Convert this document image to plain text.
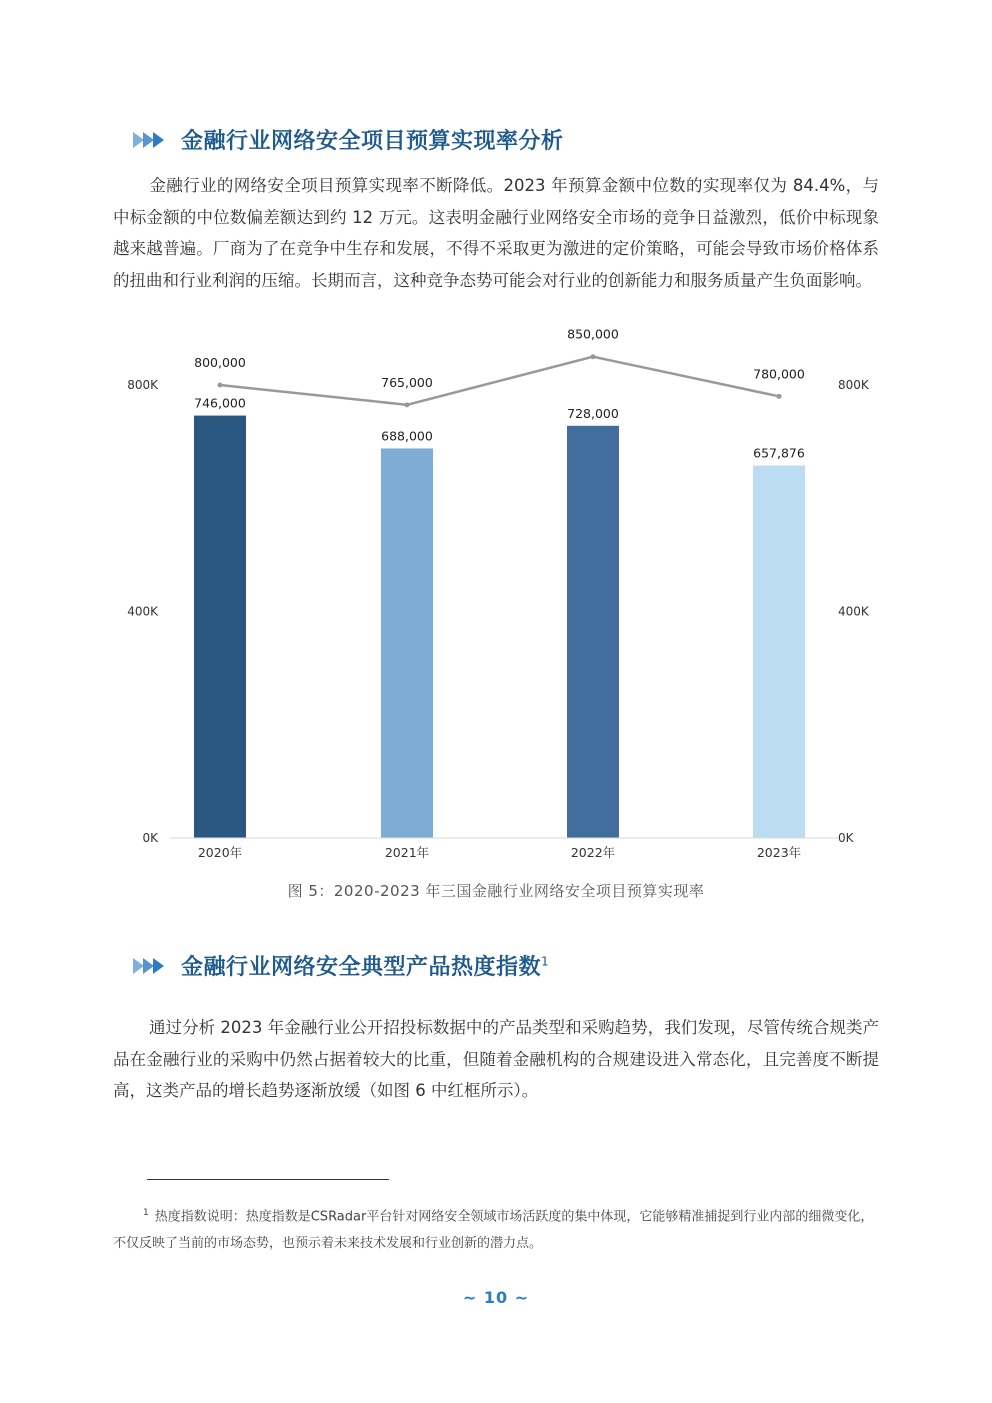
金融行业网络安全项目预算实现率分析

金融行业的网络安全项目预算实现率不断降低。2023 年预算金额中位数的实现率仅为 84.4%，与中标金额的中位数偏差额达到约 12 万元。这表明金融行业网络安全市场的竞争日益激烈，低价中标现象越来越普遍。厂商为了在竞争中生存和发展，不得不采取更为激进的定价策略，可能会导致市场价格体系的扭曲和行业利润的压缩。长期而言，这种竞争态势可能会对行业的创新能力和服务质量产生负面影响。

746,000
688,000
728,000
657,876
800,000
765,000
850,000
780,000
2020年	2021年	2022年	2023年
800K	800K
400K	400K
0K	0K
图 5：2020-2023 年三国金融行业网络安全项目预算实现率
金融行业网络安全典型产品热度指数$^1$

通过分析 2023 年金融行业公开招投标数据中的产品类型和采购趋势，我们发现，尽管传统合规类产品在金融行业的采购中仍然占据着较大的比重，但随着金融机构的合规建设进入常态化，且完善度不断提高，这类产品的增长趋势逐渐放缓（如图 6 中红框所示）。

$^1$ 热度指数说明：热度指数是CSRadar平台针对网络安全领域市场活跃度的集中体现，它能够精准捕捉到行业内部的细微变化，不仅反映了当前的市场态势，也预示着未来技术发展和行业创新的潜力点。

~ 10 ~
